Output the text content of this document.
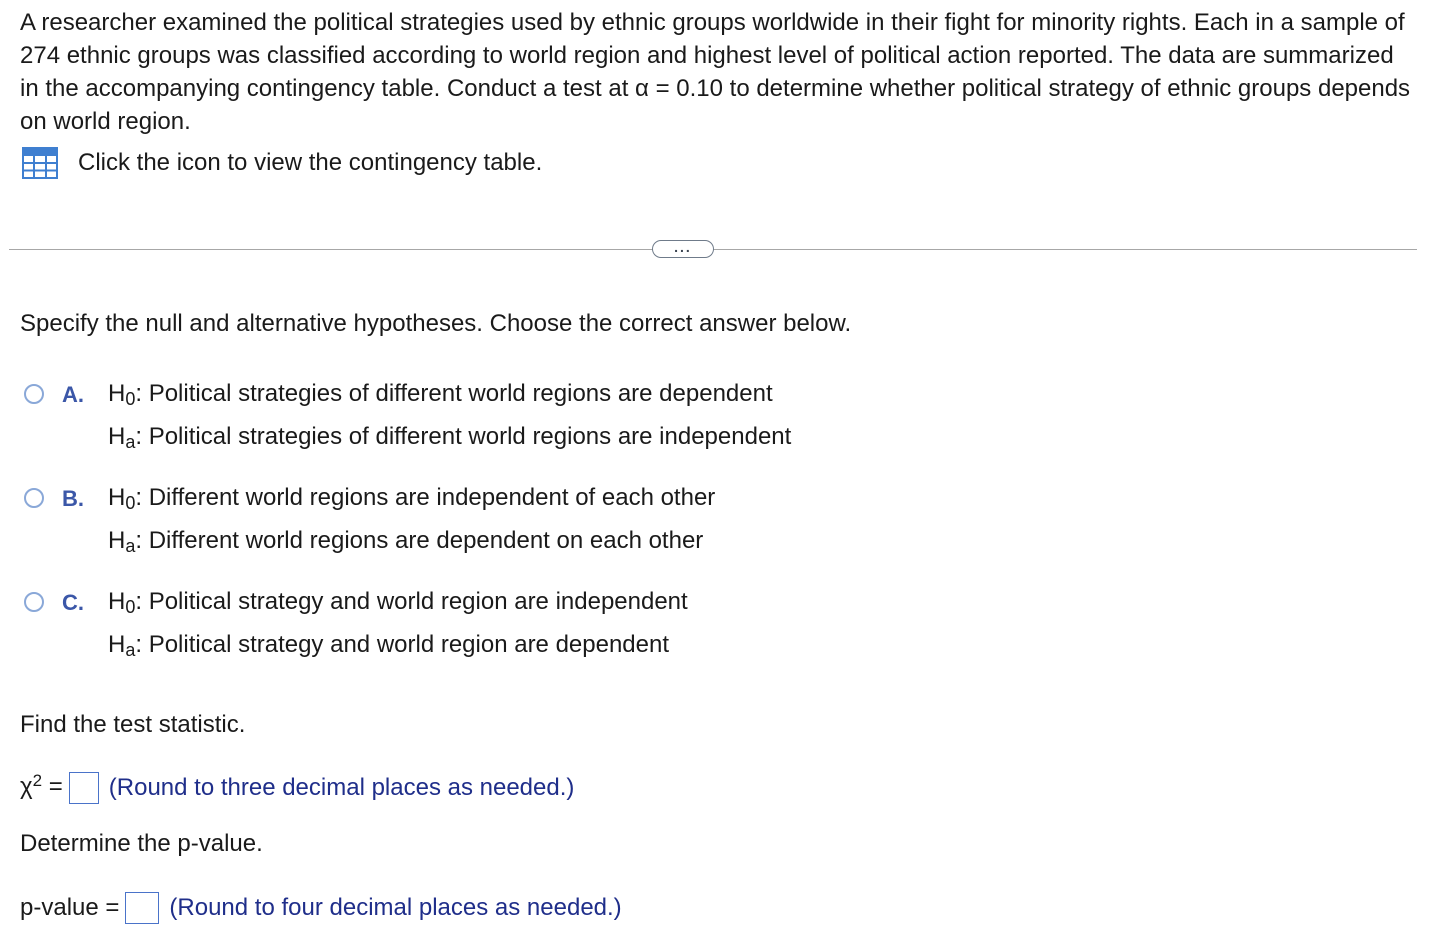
A researcher examined the political strategies used by ethnic groups worldwide in their fight for minority rights. Each in a sample of 274 ethnic groups was classified according to world region and highest level of political action reported. The data are summarized in the accompanying contingency table. Conduct a test at α = 0.10 to determine whether political strategy of ethnic groups depends on world region.

Click the icon to view the contingency table.
...

Specify the null and alternative hypotheses. Choose the correct answer below.

A. $H_0$: Political strategies of different world regions are dependent
$H_a$: Political strategies of different world regions are independent
B. $H_0$: Different world regions are independent of each other
$H_a$: Different world regions are dependent on each other
C. $H_0$: Political strategy and world region are independent
$H_a$: Political strategy and world region are dependent

Find the test statistic.

$\chi^2$ = (Round to three decimal places as needed.)

Determine the p-value.

p-value = (Round to four decimal places as needed.)
